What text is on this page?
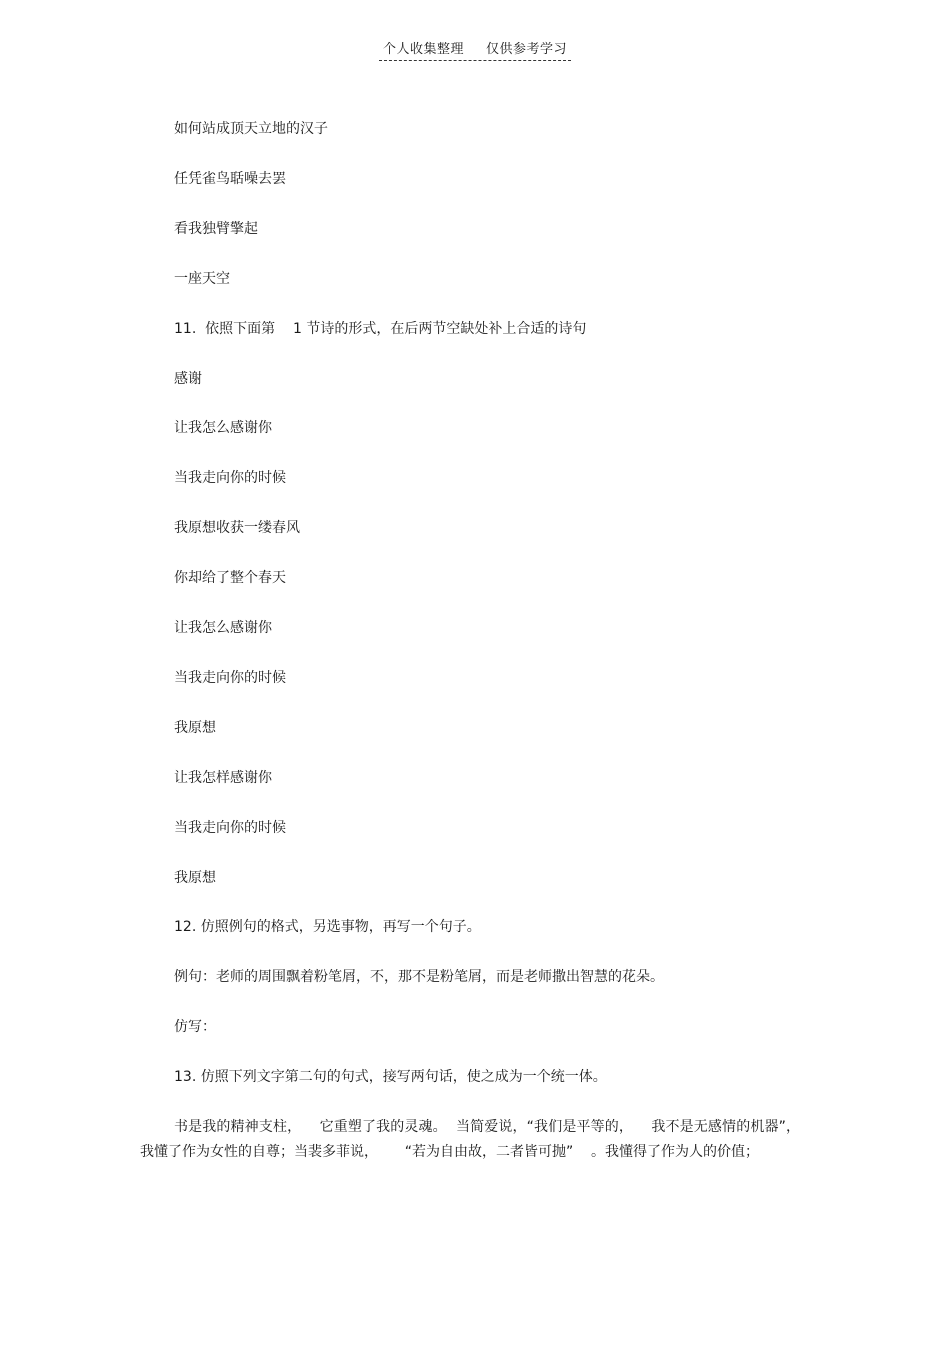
个人收集整理 仅供参考学习
如何站成顶天立地的汉子
任凭雀鸟聒噪去罢
看我独臂擎起
一座天空
11.  依照下面第    1 节诗的形式，在后两节空缺处补上合适的诗句
感谢
让我怎么感谢你
当我走向你的时候
我原想收获一缕春风
你却给了整个春天
让我怎么感谢你
当我走向你的时候
我原想
让我怎样感谢你
当我走向你的时候
我原想
12. 仿照例句的格式，另选事物，再写一个句子。
例句：老师的周围飘着粉笔屑，不，那不是粉笔屑，而是老师撒出智慧的花朵。
仿写：
13. 仿照下列文字第二句的句式，接写两句话，使之成为一个统一体。
书是我的精神支柱，    它重塑了我的灵魂。  当简爱说，“我们是平等的，    我不是无感情的机器”，我懂了作为女性的自尊；当裴多菲说，      “若为自由故，二者皆可抛”    。我懂得了作为人的价值；
